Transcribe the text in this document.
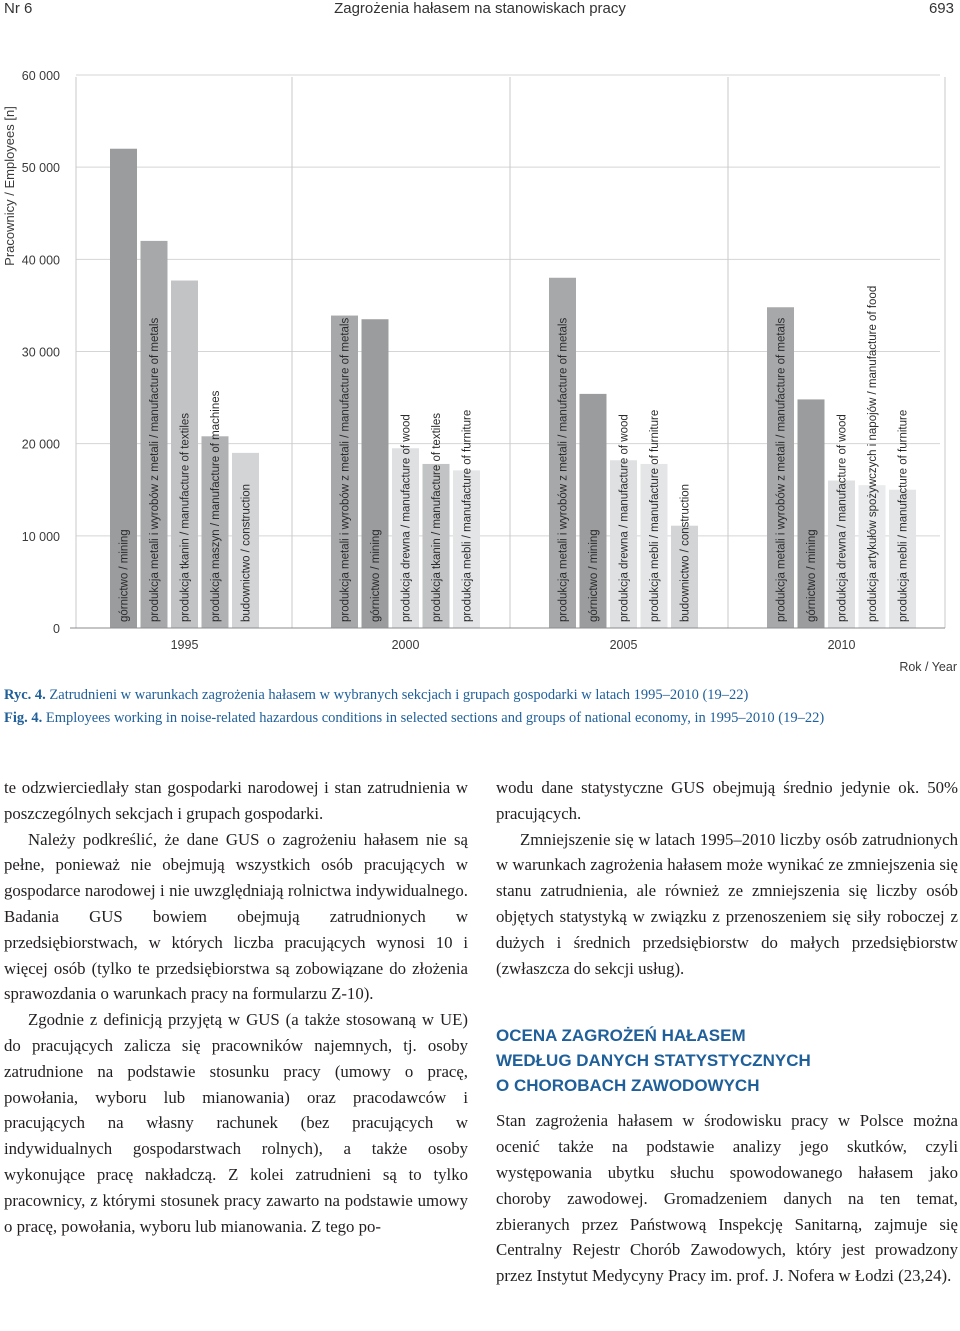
Nr 6	Zagrożenia hałasem na stanowiskach pracy	693
górnictwo / mining produkcja metali i wyrobów z metali / manufacture of metals produkcja tkanin / manufacture of textiles produkcja maszyn / manufacture of machines budownictwo / construction	produkcja metali i wyrobów z metali / manufacture of metals górnictwo / mining produkcja drewna / manufacture of wood produkcja tkanin / manufacture of textiles produkcja mebli / manufacture of furniture	produkcja metali i wyrobów z metali / manufacture of metals górnictwo / mining produkcja drewna / manufacture of wood produkcja mebli / manufacture of furniture budownictwo / construction	produkcja metali i wyrobów z metali / manufacture of metals górnictwo / mining produkcja drewna / manufacture of wood produkcja artykułów spożywczych i napojów / manufacture of food produkcja mebli / manufacture of furniture
0
10 000
20 000
30 000
40 000
50 000
60 000
1995	2000	2005	2010
Pracownicy / Employees [n]
Rok / Year
Ryc. 4. Zatrudnieni w warunkach zagrożenia hałasem w wybranych sekcjach i grupach gospodarki w latach 1995–2010 (19–22)
Fig. 4. Employees working in noise-related hazardous conditions in selected sections and groups of national economy, in 1995–2010 (19–22)

te odzwierciedlały stan gospodarki narodowej i stan zatrudnienia w poszczególnych sekcjach i grupach gospodarki.

Należy podkreślić, że dane GUS o zagrożeniu hałasem nie są pełne, ponieważ nie obejmują wszystkich osób pracujących w gospodarce narodowej i nie uwzględniają rolnictwa indywidualnego. Badania GUS bowiem obejmują zatrudnionych w przedsiębiorstwach, w których liczba pracujących wynosi 10 i więcej osób (tylko te przedsiębiorstwa są zobowiązane do złożenia sprawozdania o warunkach pracy na formularzu Z-10).

Zgodnie z definicją przyjętą w GUS (a także stosowaną w UE) do pracujących zalicza się pracowników najemnych, tj. osoby zatrudnione na podstawie stosunku pracy (umowy o pracę, powołania, wyboru lub mianowania) oraz pracodawców i pracujących na własny rachunek (bez pracujących w indywidualnych gospodarstwach rolnych), a także osoby wykonujące pracę nakładczą. Z kolei zatrudnieni są to tylko pracownicy, z którymi stosunek pracy zawarto na podstawie umowy o pracę, powołania, wyboru lub mianowania. Z tego po-

wodu dane statystyczne GUS obejmują średnio jedynie ok. 50% pracujących.

Zmniejszenie się w latach 1995–2010 liczby osób zatrudnionych w warunkach zagrożenia hałasem może wynikać ze zmniejszenia się stanu zatrudnienia, ale również ze zmniejszenia się liczby osób objętych statystyką w związku z przenoszeniem się siły roboczej z dużych i średnich przedsiębiorstw do małych przedsiębiorstw (zwłaszcza do sekcji usług).

OCENA ZAGROŻEŃ HAŁASEM
WEDŁUG DANYCH STATYSTYCZNYCH
O CHOROBACH ZAWODOWYCH

Stan zagrożenia hałasem w środowisku pracy w Polsce można ocenić także na podstawie analizy jego skutków, czyli występowania ubytku słuchu spowodowanego hałasem jako choroby zawodowej. Gromadzeniem danych na ten temat, zbieranych przez Państwową Inspekcję Sanitarną, zajmuje się Centralny Rejestr Chorób Zawodowych, który jest prowadzony przez Instytut Medycyny Pracy im. prof. J. Nofera w Łodzi (23,24).
